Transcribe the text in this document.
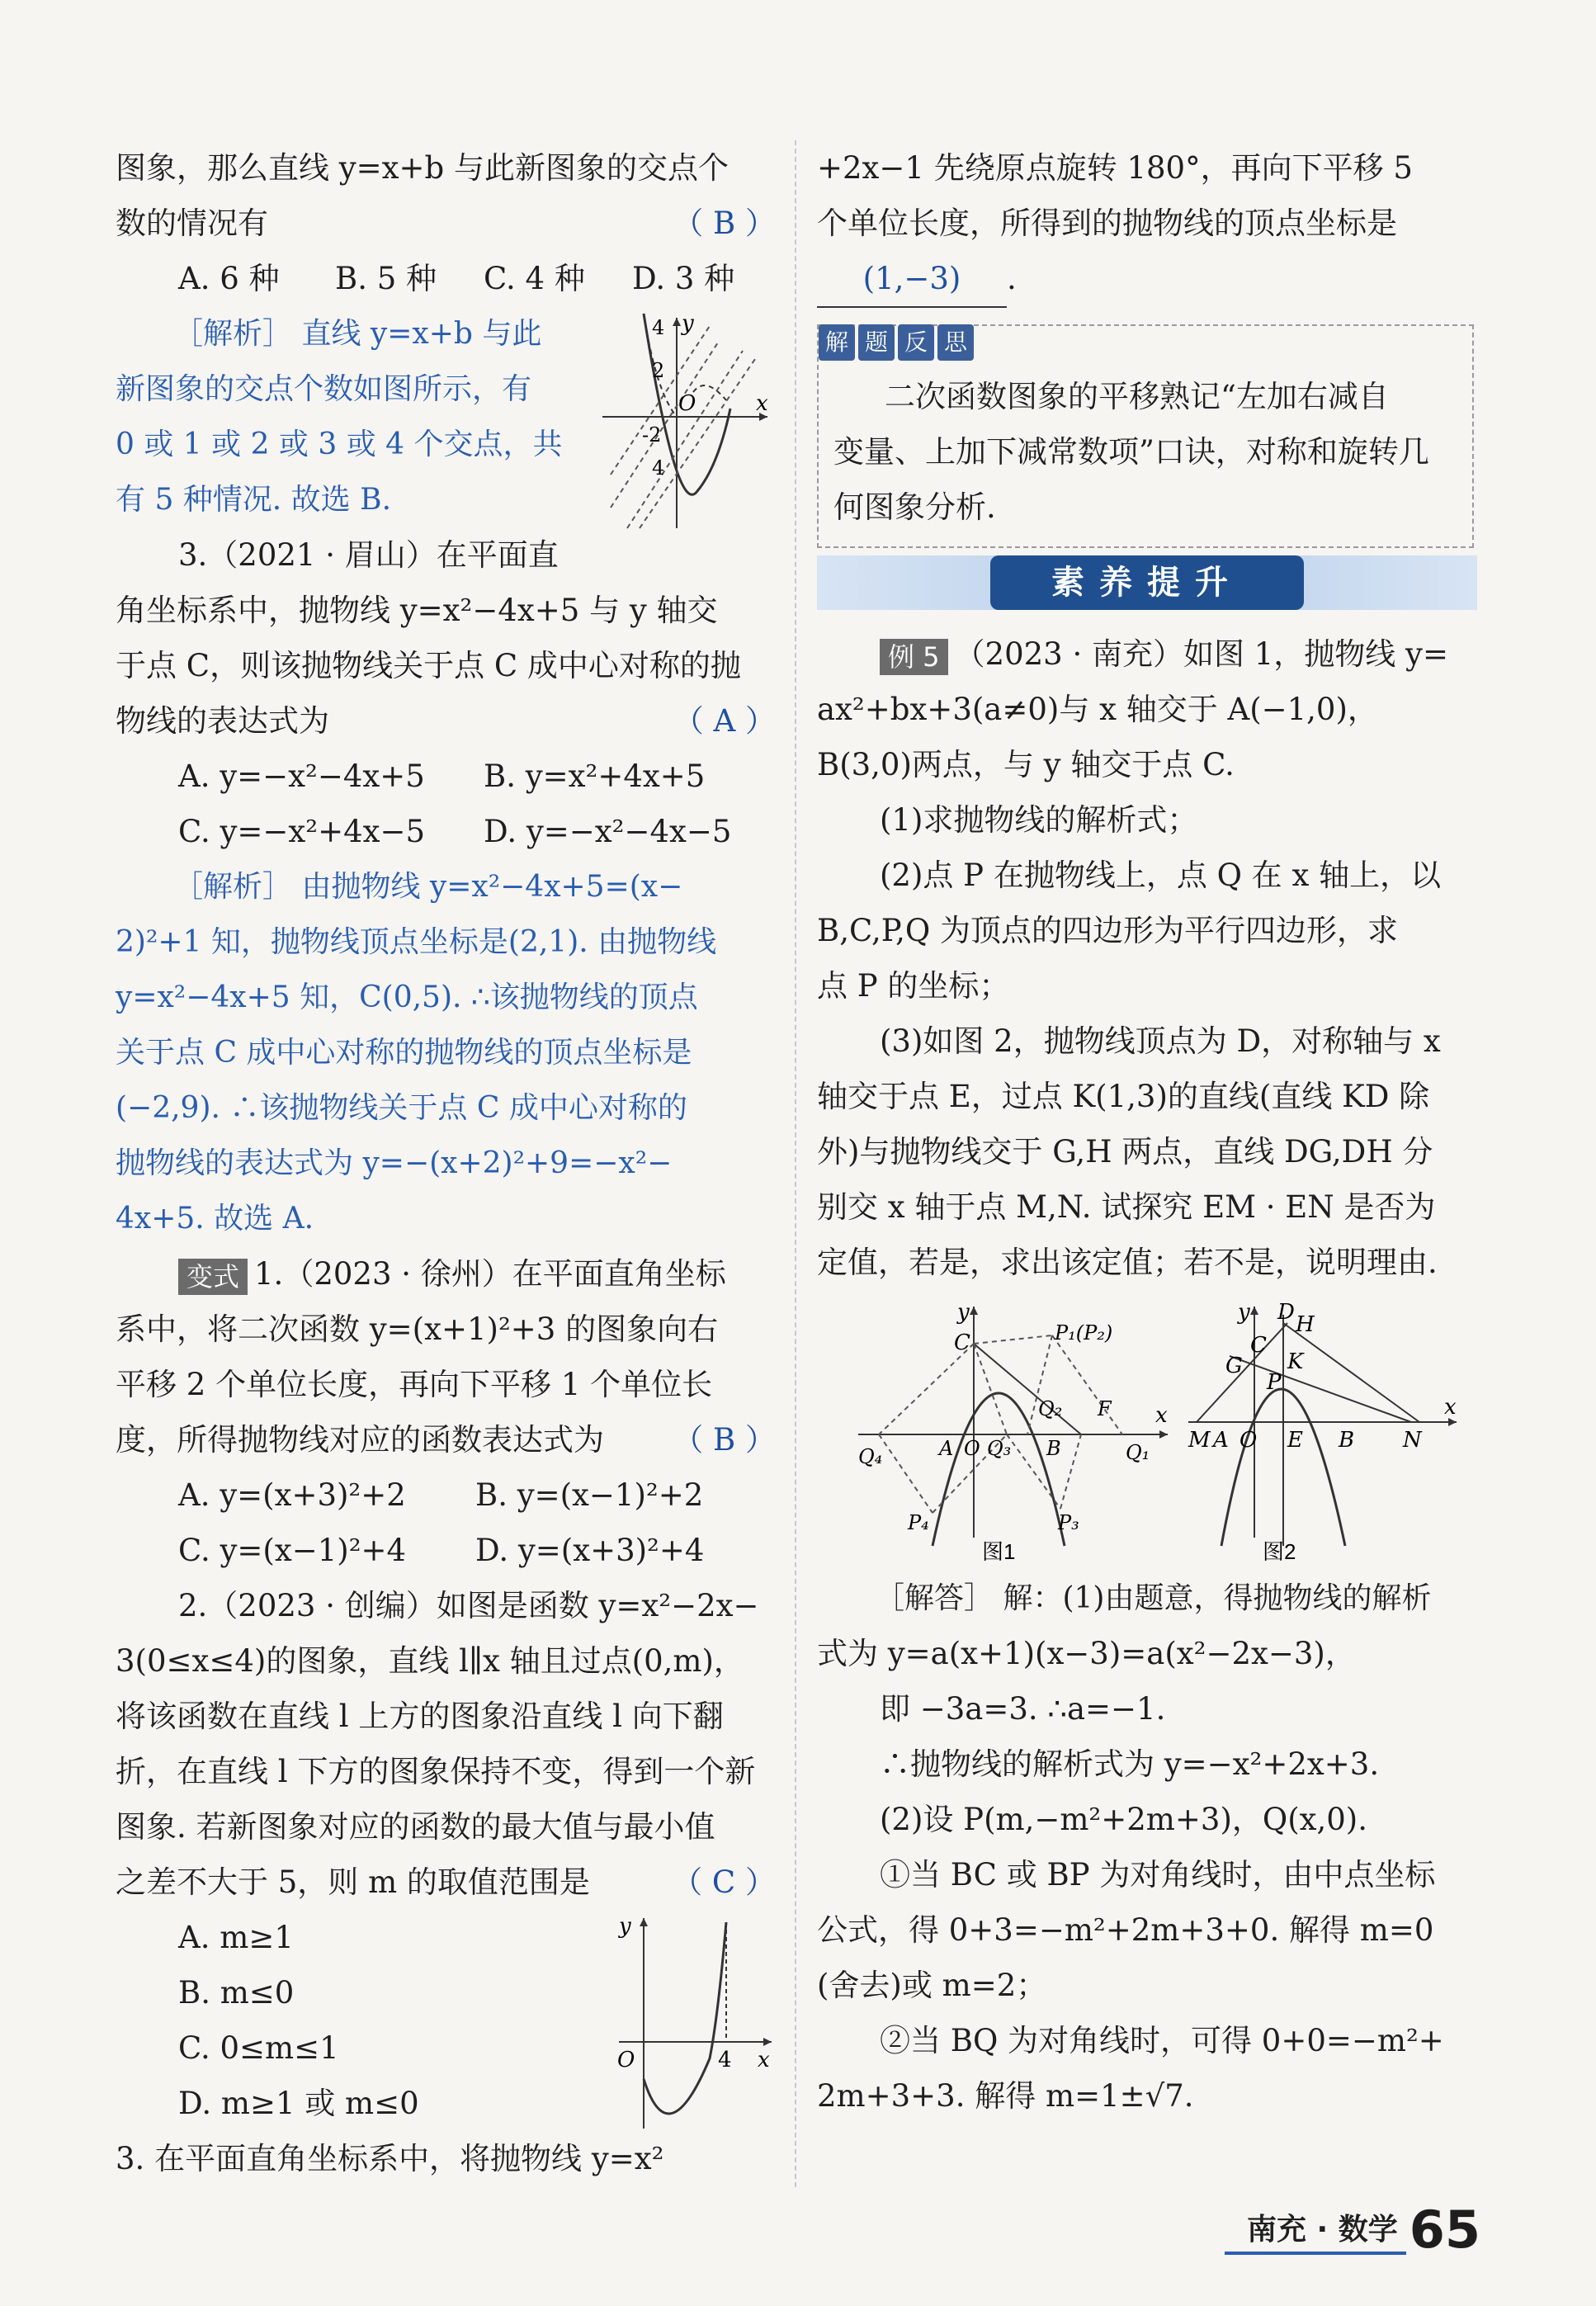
图象，那么直线 y=x+b 与此新图象的交点个

数的情况有	（ B ）
A. 6 种 B. 5 种 C. 4 种 D. 3 种

［解析］ 直线 y=x+b 与此

新图象的交点个数如图所示，有

0 或 1 或 2 或 3 或 4 个交点，共

有 5 种情况. 故选 B.

y
x
O
4
2
-2
4

3.（2021 · 眉山）在平面直

角坐标系中，抛物线 y=x²−4x+5 与 y 轴交

于点 C，则该抛物线关于点 C 成中心对称的抛

物线的表达式为	（ A ）
A. y=−x²−4x+5 B. y=x²+4x+5
C. y=−x²+4x−5 D. y=−x²−4x−5

［解析］ 由抛物线 y=x²−4x+5=(x−

2)²+1 知，抛物线顶点坐标是(2,1). 由抛物线

y=x²−4x+5 知，C(0,5). ∴该抛物线的顶点

关于点 C 成中心对称的抛物线的顶点坐标是

(−2,9). ∴该抛物线关于点 C 成中心对称的

抛物线的表达式为 y=−(x+2)²+9=−x²−

4x+5. 故选 A.

变式 1.（2023 · 徐州）在平面直角坐标

系中，将二次函数 y=(x+1)²+3 的图象向右

平移 2 个单位长度，再向下平移 1 个单位长

度，所得抛物线对应的函数表达式为 （ B ）
A. y=(x+3)²+2 B. y=(x−1)²+2
C. y=(x−1)²+4 D. y=(x+3)²+4

2.（2023 · 创编）如图是函数 y=x²−2x−

3(0≤x≤4)的图象，直线 l∥x 轴且过点(0,m)，

将该函数在直线 l 上方的图象沿直线 l 向下翻

折，在直线 l 下方的图象保持不变，得到一个新

图象. 若新图象对应的函数的最大值与最小值

之差不大于 5，则 m 的取值范围是	（ C ）

A. m≥1

B. m≤0

C. 0≤m≤1

D. m≥1 或 m≤0

y
x
O	4

3. 在平面直角坐标系中，将抛物线 y=x²

+2x−1 先绕原点旋转 180°，再向下平移 5

个单位长度，所得到的抛物线的顶点坐标是

(1,−3) .

解 题 反 思

二次函数图象的平移熟记“左加右减自

变量、上加下减常数项”口诀，对称和旋转几

何图象分析.

素养提升

例 5 （2023 · 南充）如图 1，抛物线 y=

ax²+bx+3(a≠0)与 x 轴交于 A(−1,0)，

B(3,0)两点，与 y 轴交于点 C.

(1)求抛物线的解析式；

(2)点 P 在抛物线上，点 Q 在 x 轴上，以

B,C,P,Q 为顶点的四边形为平行四边形，求

点 P 的坐标；

(3)如图 2，抛物线顶点为 D，对称轴与 x

轴交于点 E，过点 K(1,3)的直线(直线 KD 除

外)与抛物线交于 G,H 两点，直线 DG,DH 分

别交 x 轴于点 M,N. 试探究 EM · EN 是否为

定值，若是，求出该定值；若不是，说明理由.

y
x
C	P₁(P₂)
Q₂ F
Q₄	A O Q₃ B	Q₁
P₄	P₃
图1
y
x
D H
C
G K
P
M A O E B N
图2

［解答］ 解：(1)由题意，得抛物线的解析

式为 y=a(x+1)(x−3)=a(x²−2x−3)，

即 −3a=3. ∴a=−1.

∴抛物线的解析式为 y=−x²+2x+3.

(2)设 P(m,−m²+2m+3)，Q(x,0).

①当 BC 或 BP 为对角线时，由中点坐标

公式，得 0+3=−m²+2m+3+0. 解得 m=0

(舍去)或 m=2；

②当 BQ 为对角线时，可得 0+0=−m²+

2m+3+3. 解得 m=1±√7.

南充 · 数学 65
